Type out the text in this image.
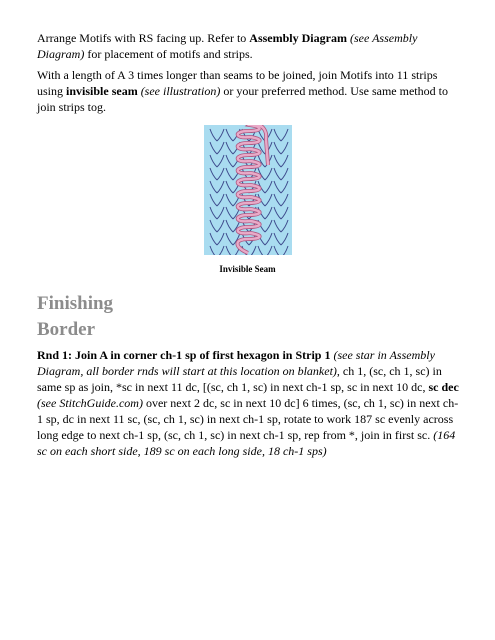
Arrange Motifs with RS facing up. Refer to Assembly Diagram (see Assembly Diagram) for placement of motifs and strips.

With a length of A 3 times longer than seams to be joined, join Motifs into 11 strips using invisible seam (see illustration) or your preferred method. Use same method to join strips tog.

Invisible Seam

Finishing
Border

Rnd 1: Join A in corner ch-1 sp of first hexagon in Strip 1 (see star in Assembly Diagram, all border rnds will start at this location on blanket), ch 1, (sc, ch 1, sc) in same sp as join, *sc in next 11 dc, [(sc, ch 1, sc) in next ch-1 sp, sc in next 10 dc, sc dec (see StitchGuide.com) over next 2 dc, sc in next 10 dc] 6 times, (sc, ch 1, sc) in next ch-1 sp, dc in next 11 sc, (sc, ch 1, sc) in next ch-1 sp, rotate to work 187 sc evenly across long edge to next ch-1 sp, (sc, ch 1, sc) in next ch-1 sp, rep from *, join in first sc. (164 sc on each short side, 189 sc on each long side, 18 ch-1 sps)
